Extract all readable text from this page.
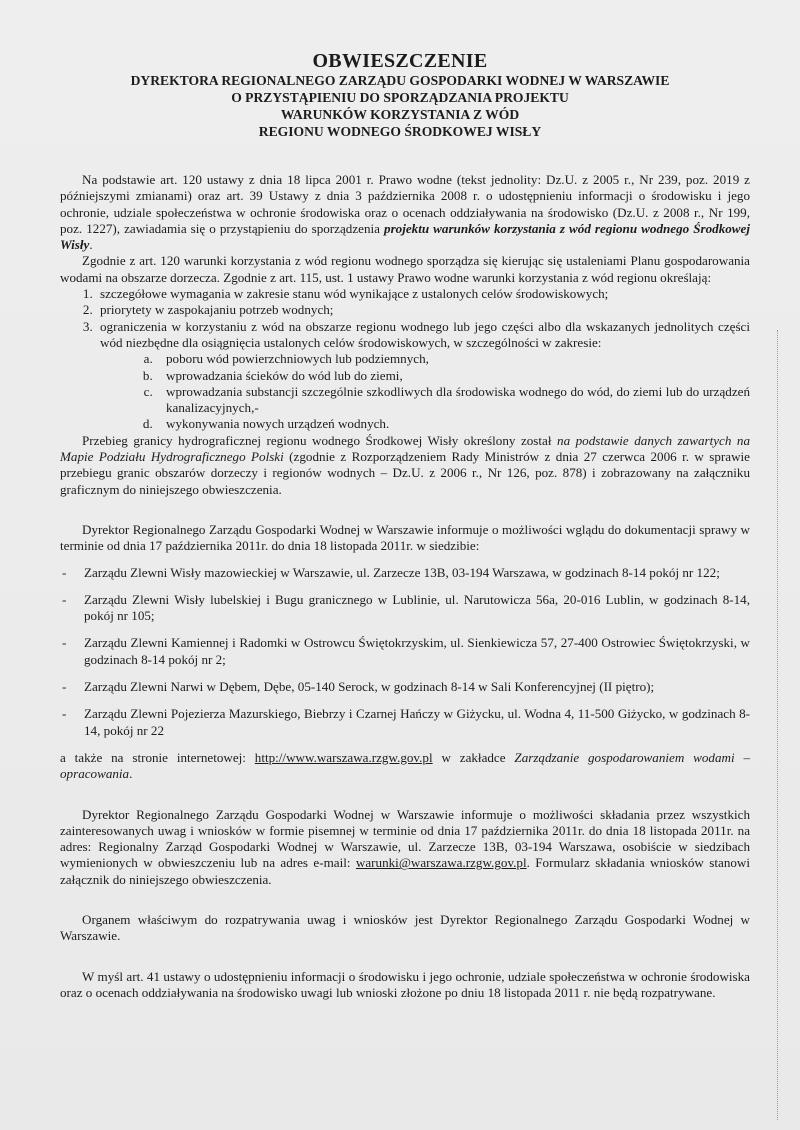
OBWIESZCZENIE
DYREKTORA REGIONALNEGO ZARZĄDU GOSPODARKI WODNEJ W WARSZAWIE
O PRZYSTĄPIENIU DO SPORZĄDZANIA PROJEKTU
WARUNKÓW KORZYSTANIA Z WÓD
REGIONU WODNEGO ŚRODKOWEJ WISŁY

Na podstawie art. 120 ustawy z dnia 18 lipca 2001 r. Prawo wodne (tekst jednolity: Dz.U. z 2005 r., Nr 239, poz. 2019 z późniejszymi zmianami) oraz art. 39 Ustawy z dnia 3 października 2008 r. o udostępnieniu informacji o środowisku i jego ochronie, udziale społeczeństwa w ochronie środowiska oraz o ocenach oddziaływania na środowisko (Dz.U. z 2008 r., Nr 199, poz. 1227), zawiadamia się o przystąpieniu do sporządzenia projektu warunków korzystania z wód regionu wodnego Środkowej Wisły.

Zgodnie z art. 120 warunki korzystania z wód regionu wodnego sporządza się kierując się ustaleniami Planu gospodarowania wodami na obszarze dorzecza. Zgodnie z art. 115, ust. 1 ustawy Prawo wodne warunki korzystania z wód regionu określają:

1. szczegółowe wymagania w zakresie stanu wód wynikające z ustalonych celów środowiskowych;
2. priorytety w zaspokajaniu potrzeb wodnych;
3. ograniczenia w korzystaniu z wód na obszarze regionu wodnego lub jego części albo dla wskazanych jednolitych części wód niezbędne dla osiągnięcia ustalonych celów środowiskowych, w szczególności w zakresie:
a. poboru wód powierzchniowych lub podziemnych,
b. wprowadzania ścieków do wód lub do ziemi,
c. wprowadzania substancji szczególnie szkodliwych dla środowiska wodnego do wód, do ziemi lub do urządzeń kanalizacyjnych,-
d. wykonywania nowych urządzeń wodnych.

Przebieg granicy hydrograficznej regionu wodnego Środkowej Wisły określony został na podstawie danych zawartych na Mapie Podziału Hydrograficznego Polski (zgodnie z Rozporządzeniem Rady Ministrów z dnia 27 czerwca 2006 r. w sprawie przebiegu granic obszarów dorzeczy i regionów wodnych – Dz.U. z 2006 r., Nr 126, poz. 878) i zobrazowany na załączniku graficznym do niniejszego obwieszczenia.

Dyrektor Regionalnego Zarządu Gospodarki Wodnej w Warszawie informuje o możliwości wglądu do dokumentacji sprawy w terminie od dnia 17 października 2011r. do dnia 18 listopada 2011r. w siedzibie:

- Zarządu Zlewni Wisły mazowieckiej w Warszawie, ul. Zarzecze 13B, 03-194 Warszawa, w godzinach 8-14 pokój nr 122;
- Zarządu Zlewni Wisły lubelskiej i Bugu granicznego w Lublinie, ul. Narutowicza 56a, 20-016 Lublin, w godzinach 8-14, pokój nr 105;
- Zarządu Zlewni Kamiennej i Radomki w Ostrowcu Świętokrzyskim, ul. Sienkiewicza 57, 27-400 Ostrowiec Świętokrzyski, w godzinach 8-14 pokój nr 2;
- Zarządu Zlewni Narwi w Dębem, Dębe, 05-140 Serock, w godzinach 8-14 w Sali Konferencyjnej (II piętro);
- Zarządu Zlewni Pojezierza Mazurskiego, Biebrzy i Czarnej Hańczy w Giżycku, ul. Wodna 4, 11-500 Giżycko, w godzinach 8-14, pokój nr 22

a także na stronie internetowej: http://www.warszawa.rzgw.gov.pl w zakładce Zarządzanie gospodarowaniem wodami – opracowania.

Dyrektor Regionalnego Zarządu Gospodarki Wodnej w Warszawie informuje o możliwości składania przez wszystkich zainteresowanych uwag i wniosków w formie pisemnej w terminie od dnia 17 października 2011r. do dnia 18 listopada 2011r. na adres: Regionalny Zarząd Gospodarki Wodnej w Warszawie, ul. Zarzecze 13B, 03-194 Warszawa, osobiście w siedzibach wymienionych w obwieszczeniu lub na adres e-mail: warunki@warszawa.rzgw.gov.pl. Formularz składania wniosków stanowi załącznik do niniejszego obwieszczenia.

Organem właściwym do rozpatrywania uwag i wniosków jest Dyrektor Regionalnego Zarządu Gospodarki Wodnej w Warszawie.

W myśl art. 41 ustawy o udostępnieniu informacji o środowisku i jego ochronie, udziale społeczeństwa w ochronie środowiska oraz o ocenach oddziaływania na środowisko uwagi lub wnioski złożone po dniu 18 listopada 2011 r. nie będą rozpatrywane.
